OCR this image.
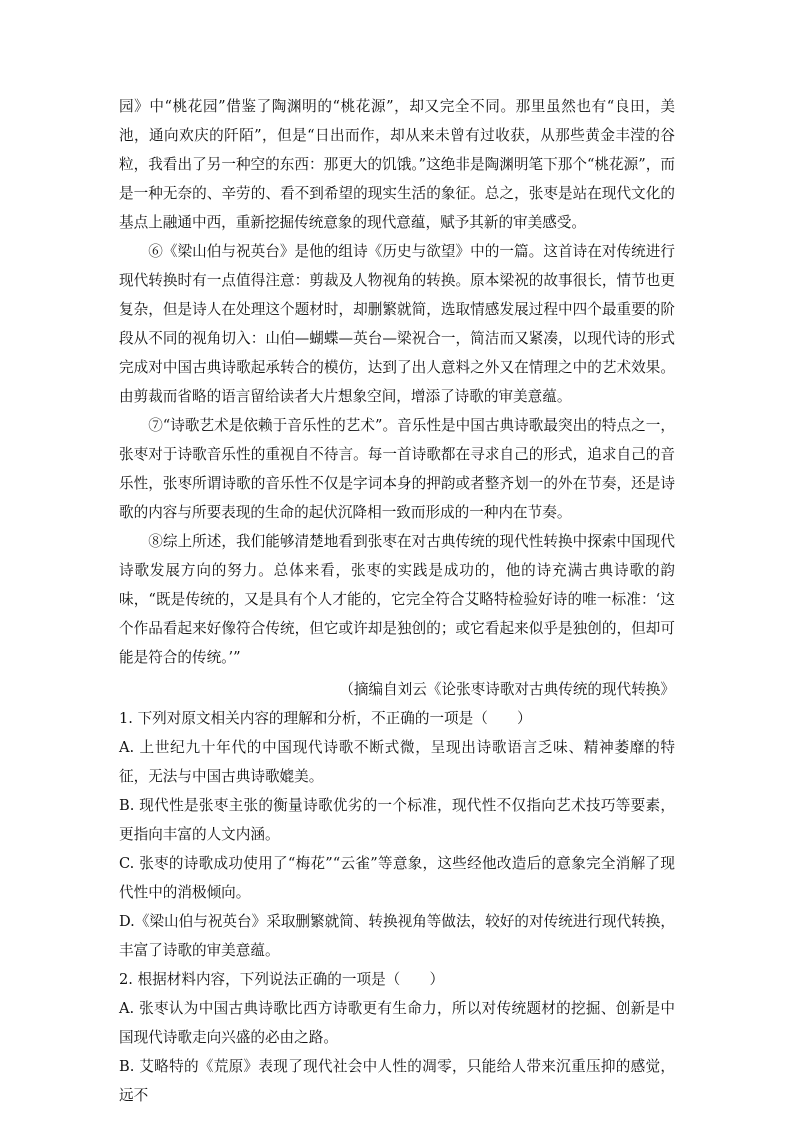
园》中“桃花园”借鉴了陶渊明的“桃花源”，却又完全不同。那里虽然也有“良田，美池，通向欢庆的阡陌”，但是“日出而作，却从来未曾有过收获，从那些黄金丰滢的谷粒，我看出了另一种空的东西：那更大的饥饿。”这绝非是陶渊明笔下那个“桃花源”，而是一种无奈的、辛劳的、看不到希望的现实生活的象征。总之，张枣是站在现代文化的基点上融通中西，重新挖掘传统意象的现代意蕴，赋予其新的审美感受。

⑥《梁山伯与祝英台》是他的组诗《历史与欲望》中的一篇。这首诗在对传统进行现代转换时有一点值得注意：剪裁及人物视角的转换。原本梁祝的故事很长，情节也更复杂，但是诗人在处理这个题材时，却删繁就简，选取情感发展过程中四个最重要的阶段从不同的视角切入：山伯—蝴蝶—英台—梁祝合一，简洁而又紧凑，以现代诗的形式完成对中国古典诗歌起承转合的模仿，达到了出人意料之外又在情理之中的艺术效果。由剪裁而省略的语言留给读者大片想象空间，增添了诗歌的审美意蕴。

⑦“诗歌艺术是依赖于音乐性的艺术”。音乐性是中国古典诗歌最突出的特点之一，张枣对于诗歌音乐性的重视自不待言。每一首诗歌都在寻求自己的形式，追求自己的音乐性，张枣所谓诗歌的音乐性不仅是字词本身的押韵或者整齐划一的外在节奏，还是诗歌的内容与所要表现的生命的起伏沉降相一致而形成的一种内在节奏。

⑧综上所述，我们能够清楚地看到张枣在对古典传统的现代性转换中探索中国现代诗歌发展方向的努力。总体来看，张枣的实践是成功的，他的诗充满古典诗歌的韵味，“既是传统的，又是具有个人才能的，它完全符合艾略特检验好诗的唯一标准：‘这个作品看起来好像符合传统，但它或许却是独创的；或它看起来似乎是独创的，但却可能是符合的传统。’”

（摘编自刘云《论张枣诗歌对古典传统的现代转换》

1. 下列对原文相关内容的理解和分析，不正确的一项是（　　）

A. 上世纪九十年代的中国现代诗歌不断式微，呈现出诗歌语言乏味、精神萎靡的特征，无法与中国古典诗歌媲美。

B. 现代性是张枣主张的衡量诗歌优劣的一个标准，现代性不仅指向艺术技巧等要素，更指向丰富的人文内涵。

C. 张枣的诗歌成功使用了“梅花”“云雀”等意象，这些经他改造后的意象完全消解了现代性中的消极倾向。

D.《梁山伯与祝英台》采取删繁就简、转换视角等做法，较好的对传统进行现代转换，丰富了诗歌的审美意蕴。

2. 根据材料内容，下列说法正确的一项是（　　）

A. 张枣认为中国古典诗歌比西方诗歌更有生命力，所以对传统题材的挖掘、创新是中国现代诗歌走向兴盛的必由之路。

B. 艾略特的《荒原》表现了现代社会中人性的凋零，只能给人带来沉重压抑的感觉，远不
